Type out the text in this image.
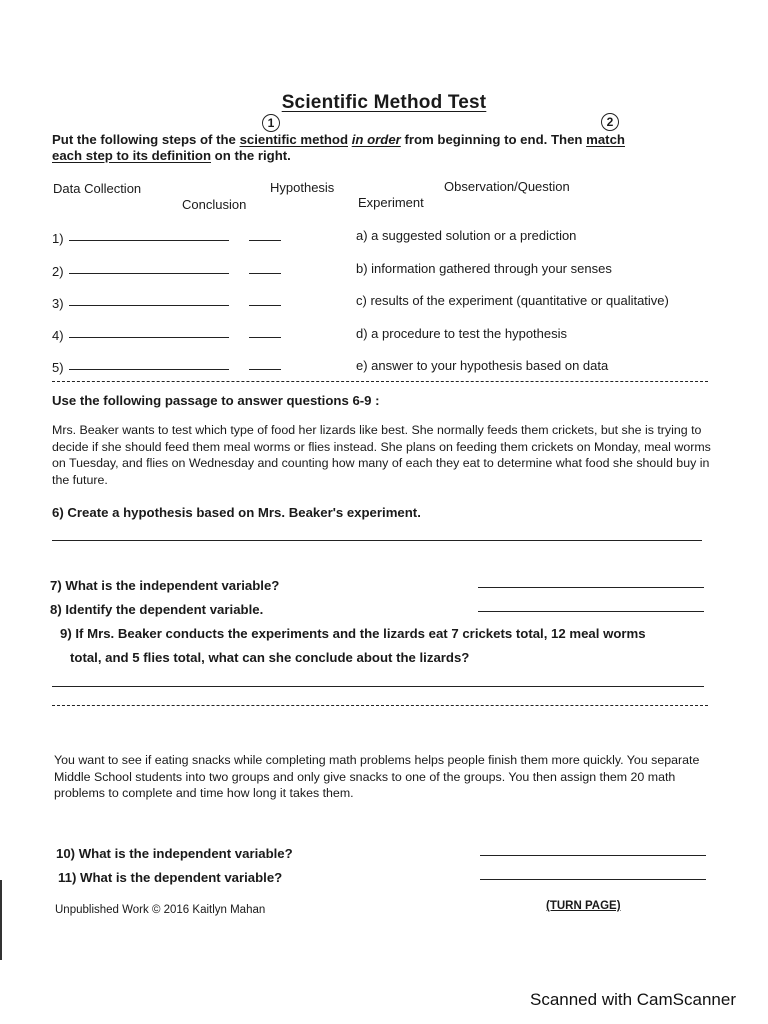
Scientific Method Test
1	2
Put the following steps of the scientific method in order from beginning to end. Then match
each step to its definition on the right.
Data Collection	Hypothesis	Observation/Question
Conclusion	Experiment
1)	a) a suggested solution or a prediction
2)	b) information gathered through your senses
3)	c) results of the experiment (quantitative or qualitative)
4)	d) a procedure to test the hypothesis
5)	e) answer to your hypothesis based on data
Use the following passage to answer questions 6-9 :
Mrs. Beaker wants to test which type of food her lizards like best. She normally feeds them crickets, but she is trying to decide if she should feed them meal worms or flies instead. She plans on feeding them crickets on Monday, meal worms on Tuesday, and flies on Wednesday and counting how many of each they eat to determine what food she should buy in the future.
6) Create a hypothesis based on Mrs. Beaker's experiment.
7) What is the independent variable?
8) Identify the dependent variable.
9) If Mrs. Beaker conducts the experiments and the lizards eat 7 crickets total, 12 meal worms
total, and 5 flies total, what can she conclude about the lizards?
You want to see if eating snacks while completing math problems helps people finish them more quickly. You separate Middle School students into two groups and only give snacks to one of the groups. You then assign them 20 math problems to complete and time how long it takes them.
10) What is the independent variable?
11) What is the dependent variable?
Unpublished Work © 2016 Kaitlyn Mahan	(TURN PAGE)
Scanned with CamScanner
